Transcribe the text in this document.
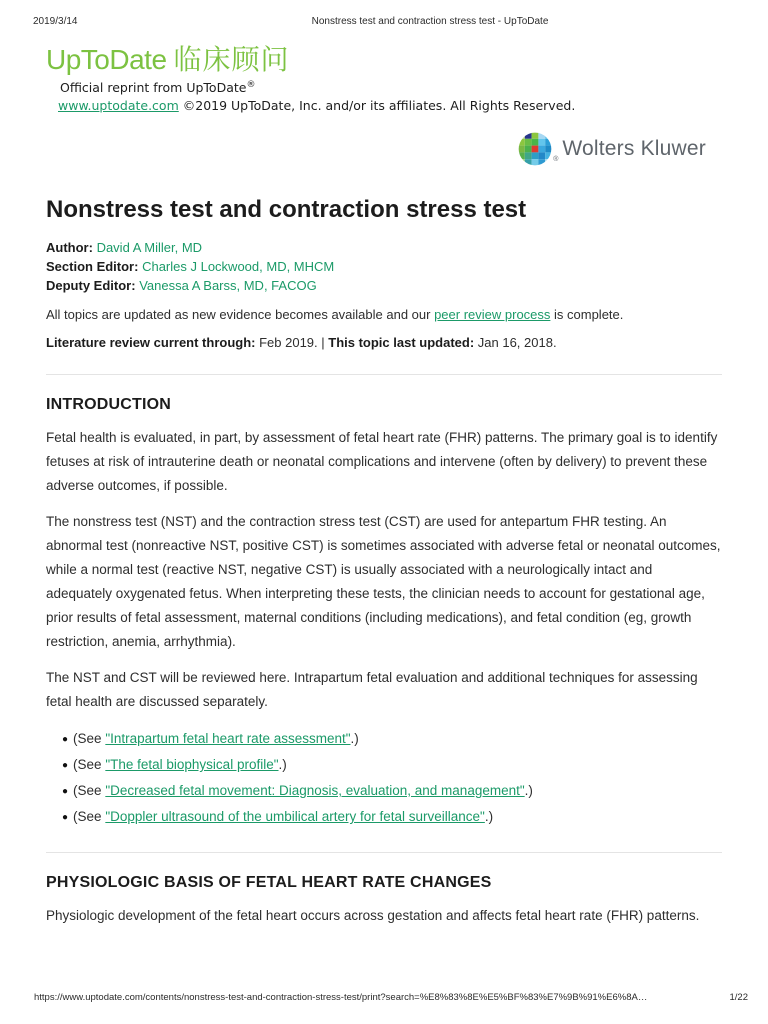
2019/3/14	Nonstress test and contraction stress test - UpToDate
UpToDate 临床顾问
Official reprint from UpToDate®
www.uptodate.com ©2019 UpToDate, Inc. and/or its affiliates. All Rights Reserved.
® Wolters Kluwer
Nonstress test and contraction stress test
Author: David A Miller, MD
Section Editor: Charles J Lockwood, MD, MHCM
Deputy Editor: Vanessa A Barss, MD, FACOG

All topics are updated as new evidence becomes available and our peer review process is complete.

Literature review current through: Feb 2019. | This topic last updated: Jan 16, 2018.

INTRODUCTION

Fetal health is evaluated, in part, by assessment of fetal heart rate (FHR) patterns. The primary goal is to identify fetuses at risk of intrauterine death or neonatal complications and intervene (often by delivery) to prevent these adverse outcomes, if possible.

The nonstress test (NST) and the contraction stress test (CST) are used for antepartum FHR testing. An abnormal test (nonreactive NST, positive CST) is sometimes associated with adverse fetal or neonatal outcomes, while a normal test (reactive NST, negative CST) is usually associated with a neurologically intact and adequately oxygenated fetus. When interpreting these tests, the clinician needs to account for gestational age, prior results of fetal assessment, maternal conditions (including medications), and fetal condition (eg, growth restriction, anemia, arrhythmia).

The NST and CST will be reviewed here. Intrapartum fetal evaluation and additional techniques for assessing fetal health are discussed separately.

● (See "Intrapartum fetal heart rate assessment".)
● (See "The fetal biophysical profile".)
● (See "Decreased fetal movement: Diagnosis, evaluation, and management".)
● (See "Doppler ultrasound of the umbilical artery for fetal surveillance".)
PHYSIOLOGIC BASIS OF FETAL HEART RATE CHANGES

Physiologic development of the fetal heart occurs across gestation and affects fetal heart rate (FHR) patterns.

https://www.uptodate.com/contents/nonstress-test-and-contraction-stress-test/print?search=%E8%83%8E%E5%BF%83%E7%9B%91%E6%8A…	1/22
